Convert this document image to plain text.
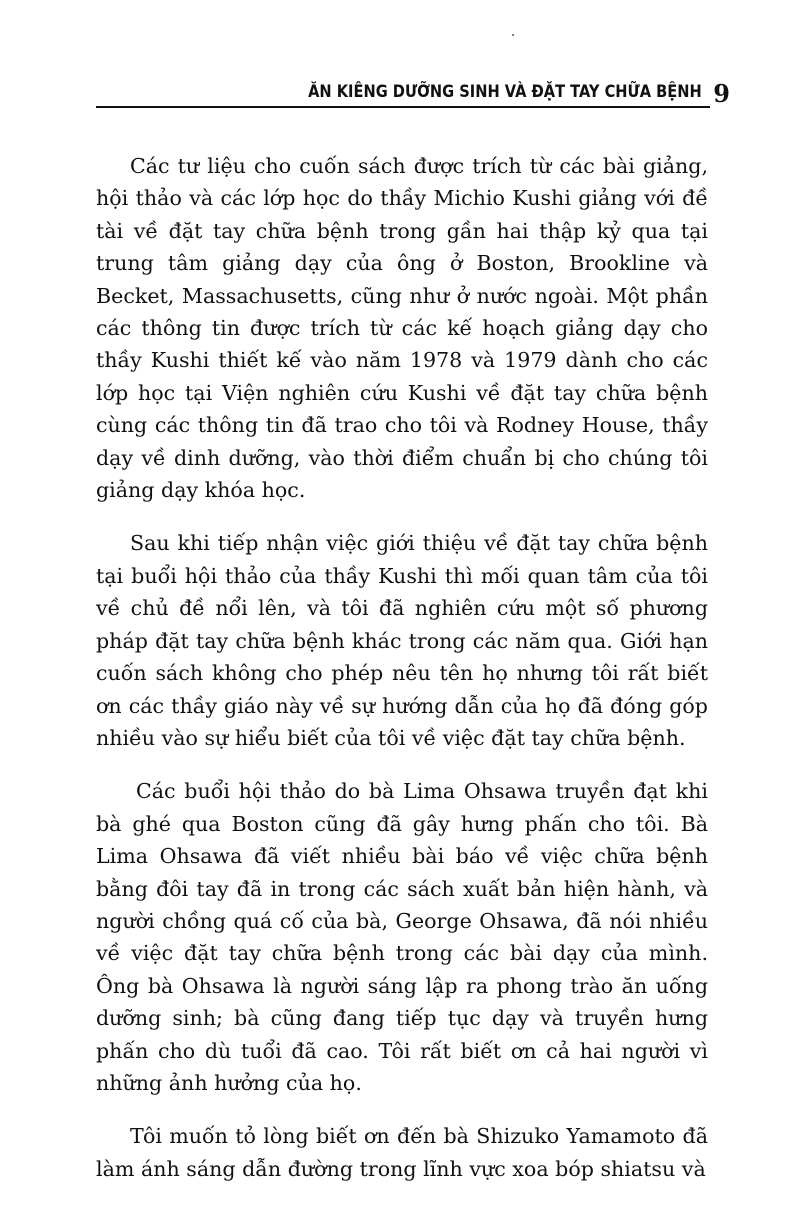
ĂN KIÊNG DƯỠNG SINH VÀ ĐẶT TAY CHỮA BỆNH 9

Các tư liệu cho cuốn sách được trích từ các bài giảng, hội thảo và các lớp học do thầy Michio Kushi giảng với đề tài về đặt tay chữa bệnh trong gần hai thập kỷ qua tại trung tâm giảng dạy của ông ở Boston, Brookline và Becket, Massachusetts, cũng như ở nước ngoài. Một phần các thông tin được trích từ các kế hoạch giảng dạy cho thầy Kushi thiết kế vào năm 1978 và 1979 dành cho các lớp học tại Viện nghiên cứu Kushi về đặt tay chữa bệnh cùng các thông tin đã trao cho tôi và Rodney House, thầy dạy về dinh dưỡng, vào thời điểm chuẩn bị cho chúng tôi giảng dạy khóa học.

Sau khi tiếp nhận việc giới thiệu về đặt tay chữa bệnh tại buổi hội thảo của thầy Kushi thì mối quan tâm của tôi về chủ đề nổi lên, và tôi đã nghiên cứu một số phương pháp đặt tay chữa bệnh khác trong các năm qua. Giới hạn cuốn sách không cho phép nêu tên họ nhưng tôi rất biết ơn các thầy giáo này về sự hướng dẫn của họ đã đóng góp nhiều vào sự hiểu biết của tôi về việc đặt tay chữa bệnh.

Các buổi hội thảo do bà Lima Ohsawa truyền đạt khi bà ghé qua Boston cũng đã gây hưng phấn cho tôi. Bà Lima Ohsawa đã viết nhiều bài báo về việc chữa bệnh bằng đôi tay đã in trong các sách xuất bản hiện hành, và người chồng quá cố của bà, George Ohsawa, đã nói nhiều về việc đặt tay chữa bệnh trong các bài dạy của mình. Ông bà Ohsawa là người sáng lập ra phong trào ăn uống dưỡng sinh; bà cũng đang tiếp tục dạy và truyền hưng phấn cho dù tuổi đã cao. Tôi rất biết ơn cả hai người vì những ảnh hưởng của họ.

Tôi muốn tỏ lòng biết ơn đến bà Shizuko Yamamoto đã làm ánh sáng dẫn đường trong lĩnh vực xoa bóp shiatsu và
